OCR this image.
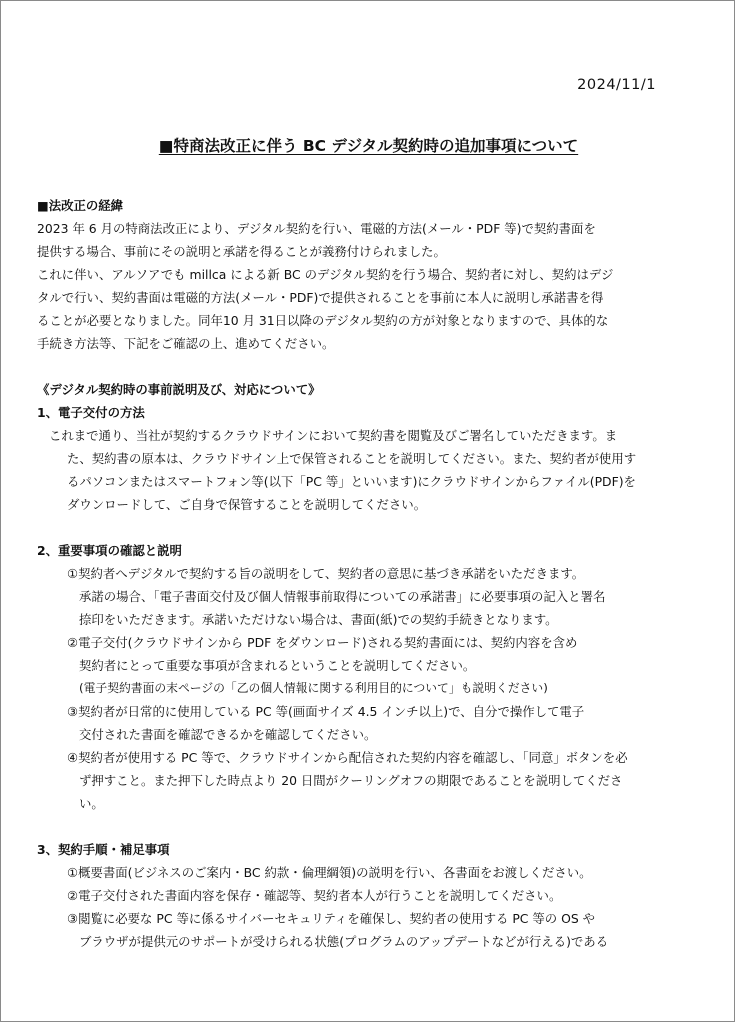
2024/11/1
■特商法改正に伴う BC デジタル契約時の追加事項について
■法改正の経緯
2023 年 6 月の特商法改正により、デジタル契約を行い、電磁的方法(メール・PDF 等)で契約書面を
提供する場合、事前にその説明と承諾を得ることが義務付けられました。
これに伴い、アルソアでも millca による新 BC のデジタル契約を行う場合、契約者に対し、契約はデジ
タルで行い、契約書面は電磁的方法(メール・PDF)で提供されることを事前に本人に説明し承諾書を得
ることが必要となりました。同年10 月 31日以降のデジタル契約の方が対象となりますので、具体的な
手続き方法等、下記をご確認の上、進めてください。
《デジタル契約時の事前説明及び、対応について》
1、電子交付の方法
これまで通り、当社が契約するクラウドサインにおいて契約書を閲覧及びご署名していただきます。ま
た、契約書の原本は、クラウドサイン上で保管されることを説明してください。また、契約者が使用す
るパソコンまたはスマートフォン等(以下「PC 等」といいます)にクラウドサインからファイル(PDF)を
ダウンロードして、ご自身で保管することを説明してください。
2、重要事項の確認と説明
①契約者へデジタルで契約する旨の説明をして、契約者の意思に基づき承諾をいただきます。
承諾の場合、「電子書面交付及び個人情報事前取得についての承諾書」に必要事項の記入と署名
捺印をいただきます。承諾いただけない場合は、書面(紙)での契約手続きとなります。
②電子交付(クラウドサインから PDF をダウンロード)される契約書面には、契約内容を含め
契約者にとって重要な事項が含まれるということを説明してください。
(電子契約書面の末ページの「乙の個人情報に関する利用目的について」も説明ください)
③契約者が日常的に使用している PC 等(画面サイズ 4.5 インチ以上)で、自分で操作して電子
交付された書面を確認できるかを確認してください。
④契約者が使用する PC 等で、クラウドサインから配信された契約内容を確認し、「同意」ボタンを必
ず押すこと。また押下した時点より 20 日間がクーリングオフの期限であることを説明してくださ
い。
3、契約手順・補足事項
①概要書面(ビジネスのご案内・BC 約款・倫理綱領)の説明を行い、各書面をお渡しください。
②電子交付された書面内容を保存・確認等、契約者本人が行うことを説明してください。
③閲覧に必要な PC 等に係るサイバーセキュリティを確保し、契約者の使用する PC 等の OS や
ブラウザが提供元のサポートが受けられる状態(プログラムのアップデートなどが行える)である
